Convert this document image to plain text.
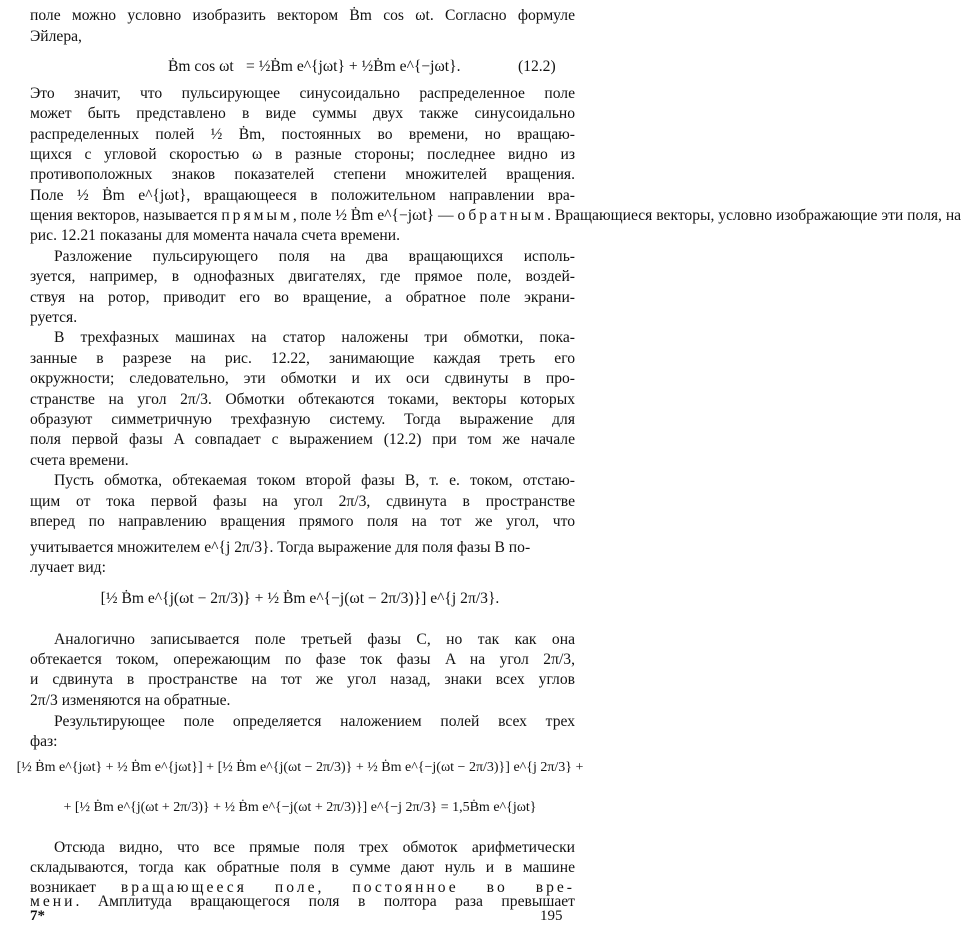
поле можно условно изобразить вектором Ḃm cos ωt. Согласно формуле
Эйлера,
Ḃm cos ωt = ½Ḃm e^{jωt} + ½Ḃm e^{−jωt}.	(12.2)
Это значит, что пульсирующее синусоидально распределенное поле
может быть представлено в виде суммы двух также синусоидально
распределенных полей ½ Ḃm, постоянных во времени, но вращаю-
щихся с угловой скоростью ω в разные стороны; последнее видно из
противоположных знаков показателей степени множителей вращения.
Поле ½ Ḃm e^{jωt}, вращающееся в положительном направлении вра-
щения векторов, называется прямым, поле ½ Ḃm e^{−jωt} — обратным. Вращающиеся векторы, условно изображающие эти поля, на
рис. 12.21 показаны для момента начала счета времени.
Разложение пульсирующего поля на два вращающихся исполь-
зуется, например, в однофазных двигателях, где прямое поле, воздей-
ствуя на ротор, приводит его во вращение, а обратное поле экрани-
руется.
В трехфазных машинах на статор наложены три обмотки, пока-
занные в разрезе на рис. 12.22, занимающие каждая треть его
окружности; следовательно, эти обмотки и их оси сдвинуты в про-
странстве на угол 2π/3. Обмотки обтекаются токами, векторы которых
образуют симметричную трехфазную систему. Тогда выражение для
поля первой фазы A совпадает с выражением (12.2) при том же начале
счета времени.
Пусть обмотка, обтекаемая током второй фазы B, т. е. током, отстаю-
щим от тока первой фазы на угол 2π/3, сдвинута в пространстве
вперед по направлению вращения прямого поля на тот же угол, что
учитывается множителем e^{j 2π/3}. Тогда выражение для поля фазы B по-
лучает вид:
[½ Ḃm e^{j(ωt − 2π/3)} + ½ Ḃm e^{−j(ωt − 2π/3)}] e^{j 2π/3}.
Аналогично записывается поле третьей фазы C, но так как она
обтекается током, опережающим по фазе ток фазы A на угол 2π/3,
и сдвинута в пространстве на тот же угол назад, знаки всех углов
2π/3 изменяются на обратные.
Результирующее поле определяется наложением полей всех трех
фаз:
[½ Ḃm e^{jωt} + ½ Ḃm e^{jωt}] + [½ Ḃm e^{j(ωt − 2π/3)} + ½ Ḃm e^{−j(ωt − 2π/3)}] e^{j 2π/3} +
+ [½ Ḃm e^{j(ωt + 2π/3)} + ½ Ḃm e^{−j(ωt + 2π/3)}] e^{−j 2π/3} = 1,5Ḃm e^{jωt}
Отсюда видно, что все прямые поля трех обмоток арифметически
складываются, тогда как обратные поля в сумме дают нуль и в машине
возникает вращающееся поле, постоянное во вре-
7*	195
мени. Амплитуда вращающегося поля в полтора раза превышает
